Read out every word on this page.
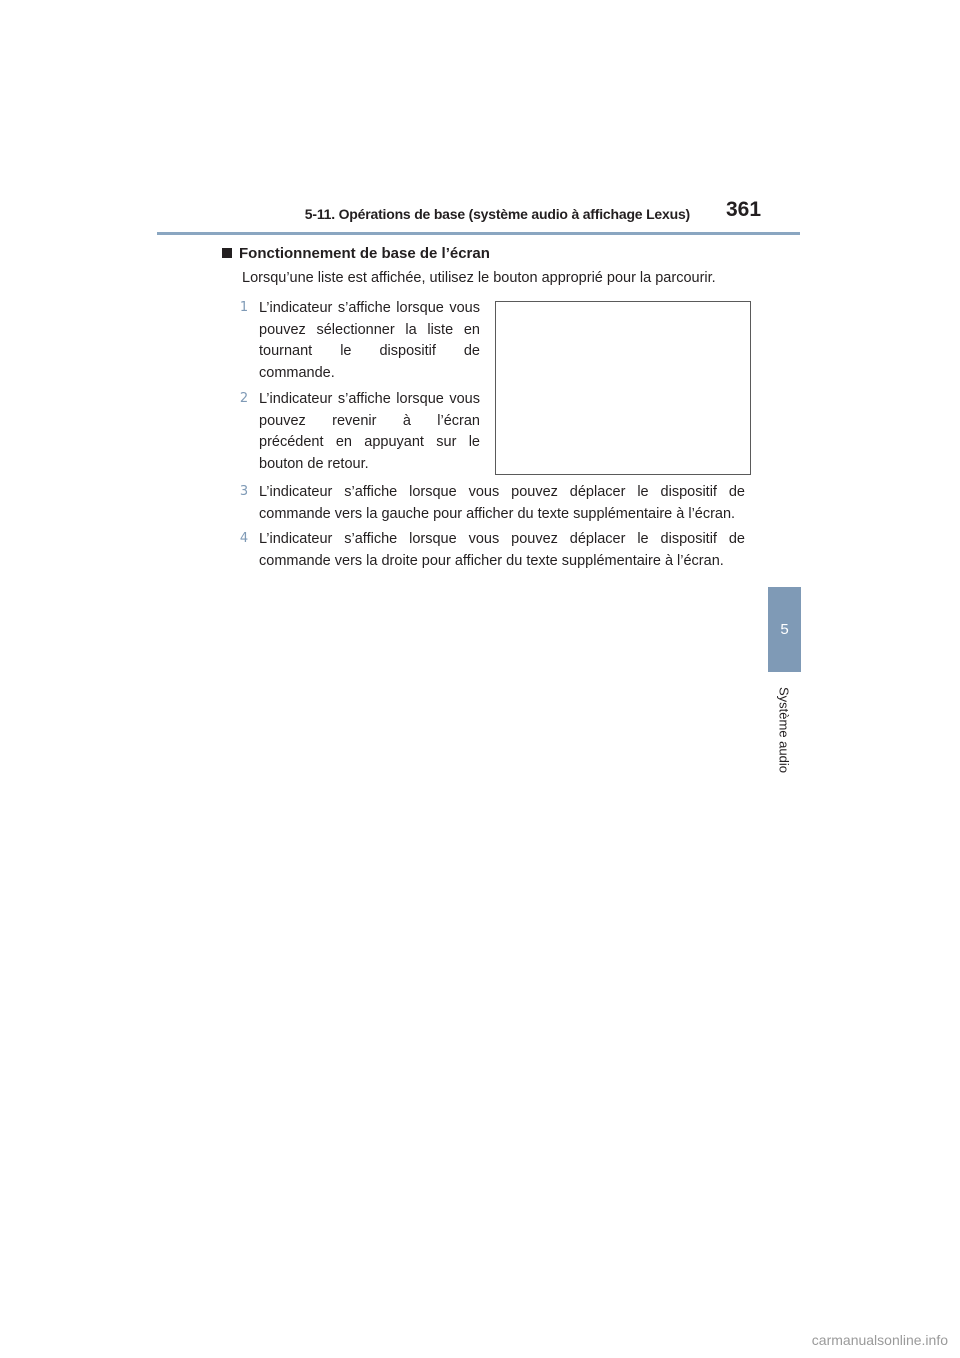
5-11. Opérations de base (système audio à affichage Lexus) 361
5
Système audio
Fonctionnement de base de l’écran
Lorsqu’une liste est affichée, utilisez le bouton approprié pour la parcourir.
1 L’indicateur s’affiche lorsque vous pouvez sélectionner la liste en tournant le dispositif de commande.
2 L’indicateur s’affiche lorsque vous pouvez revenir à l’écran précédent en appuyant sur le bouton de retour.
3 L’indicateur s’affiche lorsque vous pouvez déplacer le dispositif de commande vers la gauche pour afficher du texte supplémentaire à l’écran.
4 L’indicateur s’affiche lorsque vous pouvez déplacer le dispositif de commande vers la droite pour afficher du texte supplémentaire à l’écran.
carmanualsonline.info
